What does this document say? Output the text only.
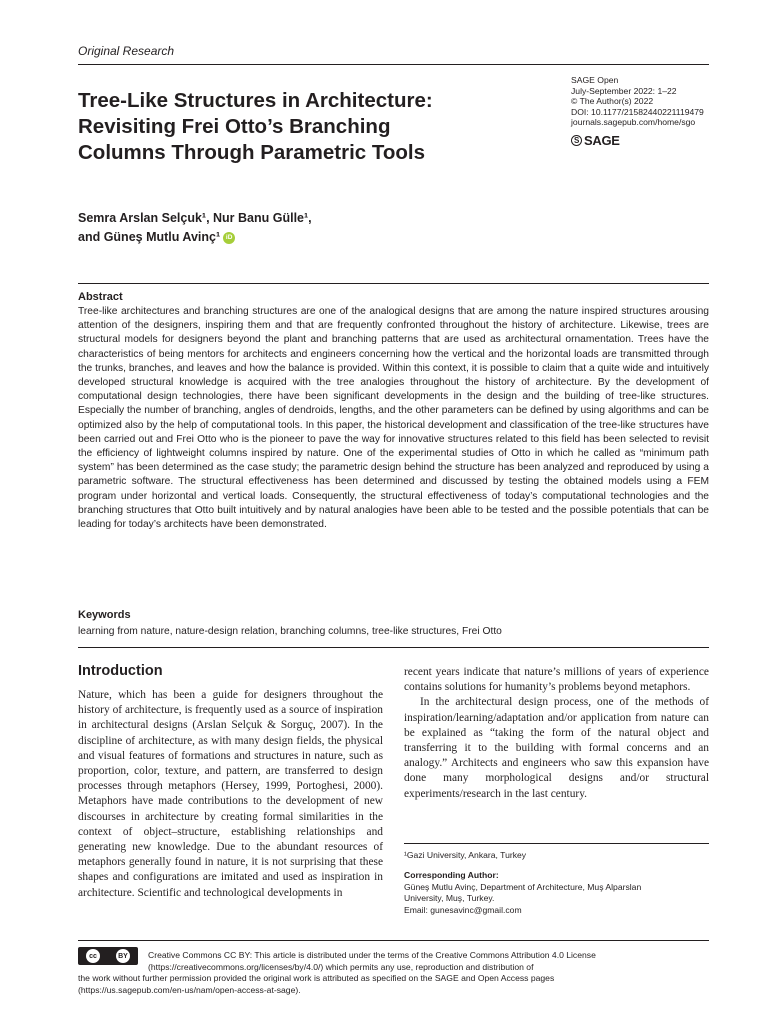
Original Research
Tree-Like Structures in Architecture:
Revisiting Frei Otto’s Branching
Columns Through Parametric Tools
SAGE Open
July-September 2022: 1–22
© The Author(s) 2022
DOI: 10.1177/21582440221119479
journals.sagepub.com/home/sgo
S SAGE
Semra Arslan Selçuk¹, Nur Banu Gülle¹,
and Güneş Mutlu Avinç¹ iD
Abstract
Tree-like architectures and branching structures are one of the analogical designs that are among the nature inspired structures arousing attention of the designers, inspiring them and that are frequently confronted throughout the history of architecture. Likewise, trees are structural models for designers beyond the plant and branching patterns that are used as architectural ornamentation. Trees have the characteristics of being mentors for architects and engineers concerning how the vertical and the horizontal loads are transmitted through the trunks, branches, and leaves and how the balance is provided. Within this context, it is possible to claim that a quite wide and intuitively developed structural knowledge is acquired with the tree analogies throughout the history of architecture. By the development of computational design technologies, there have been significant developments in the design and the building of tree-like structures. Especially the number of branching, angles of dendroids, lengths, and the other parameters can be defined by using algorithms and can be optimized also by the help of computational tools. In this paper, the historical development and classification of the tree-like structures have been carried out and Frei Otto who is the pioneer to pave the way for innovative structures related to this field has been selected to revisit the efficiency of lightweight columns inspired by nature. One of the experimental studies of Otto in which he called as “minimum path system” has been determined as the case study; the parametric design behind the structure has been analyzed and reproduced by using a parametric software. The structural effectiveness has been determined and discussed by testing the obtained models using a FEM program under horizontal and vertical loads. Consequently, the structural effectiveness of today’s computational technologies and the branching structures that Otto built intuitively and by natural analogies have been able to be tested and the possible potentials that can be leading for today’s architects have been demonstrated.
Keywords
learning from nature, nature-design relation, branching columns, tree-like structures, Frei Otto
Introduction
Nature, which has been a guide for designers throughout the history of architecture, is frequently used as a source of inspiration in architectural designs (Arslan Selçuk & Sorguç, 2007). In the discipline of architecture, as with many design fields, the physical and visual features of formations and structures in nature, such as proportion, color, texture, and pattern, are transferred to design processes through metaphors (Hersey, 1999, Portoghesi, 2000). Metaphors have made contributions to the development of new discourses in architecture by creating formal similarities in the context of object–structure, establishing relationships and generating new knowledge. Due to the abundant resources of metaphors generally found in nature, it is not surprising that these shapes and configurations are imitated and used as inspiration in architecture. Scientific and technological developments in

recent years indicate that nature’s millions of years of experience contains solutions for humanity’s problems beyond metaphors.

In the architectural design process, one of the methods of inspiration/learning/adaptation and/or application from nature can be explained as “taking the form of the natural object and transferring it to the building with formal concerns and an analogy.” Architects and engineers who saw this expansion have done many morphological designs and/or structural experiments/research in the last century.

¹Gazi University, Ankara, Turkey
Corresponding Author:
Güneş Mutlu Avinç, Department of Architecture, Muş Alparslan
University, Muş, Turkey.
Email: gunesavinc@gmail.com
cc	BY Creative Commons CC BY: This article is distributed under the terms of the Creative Commons Attribution 4.0 License (https://creativecommons.org/licenses/by/4.0/) which permits any use, reproduction and distribution of
the work without further permission provided the original work is attributed as specified on the SAGE and Open Access pages
(https://us.sagepub.com/en-us/nam/open-access-at-sage).
